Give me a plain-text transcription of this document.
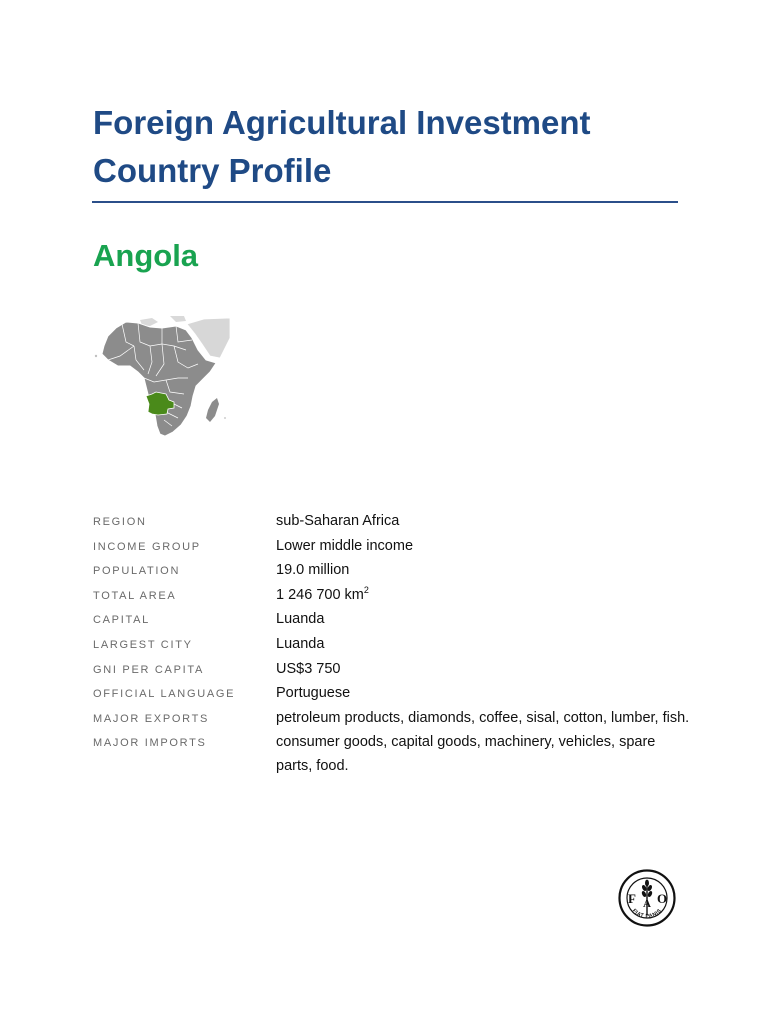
Foreign Agricultural Investment Country Profile
Angola
REGION	sub-Saharan Africa
INCOME GROUP	Lower middle income
POPULATION	19.0 million
TOTAL AREA	1 246 700 $km^2$
CAPITAL	Luanda
LARGEST CITY	Luanda
GNI PER CAPITA	US$3 750
OFFICIAL LANGUAGE	Portuguese
MAJOR EXPORTS	petroleum products, diamonds, coffee, sisal, cotton, lumber, fish.
MAJOR IMPORTS	consumer goods, capital goods, machinery, vehicles, spare parts, food.
F A O
FIAT PANIS
